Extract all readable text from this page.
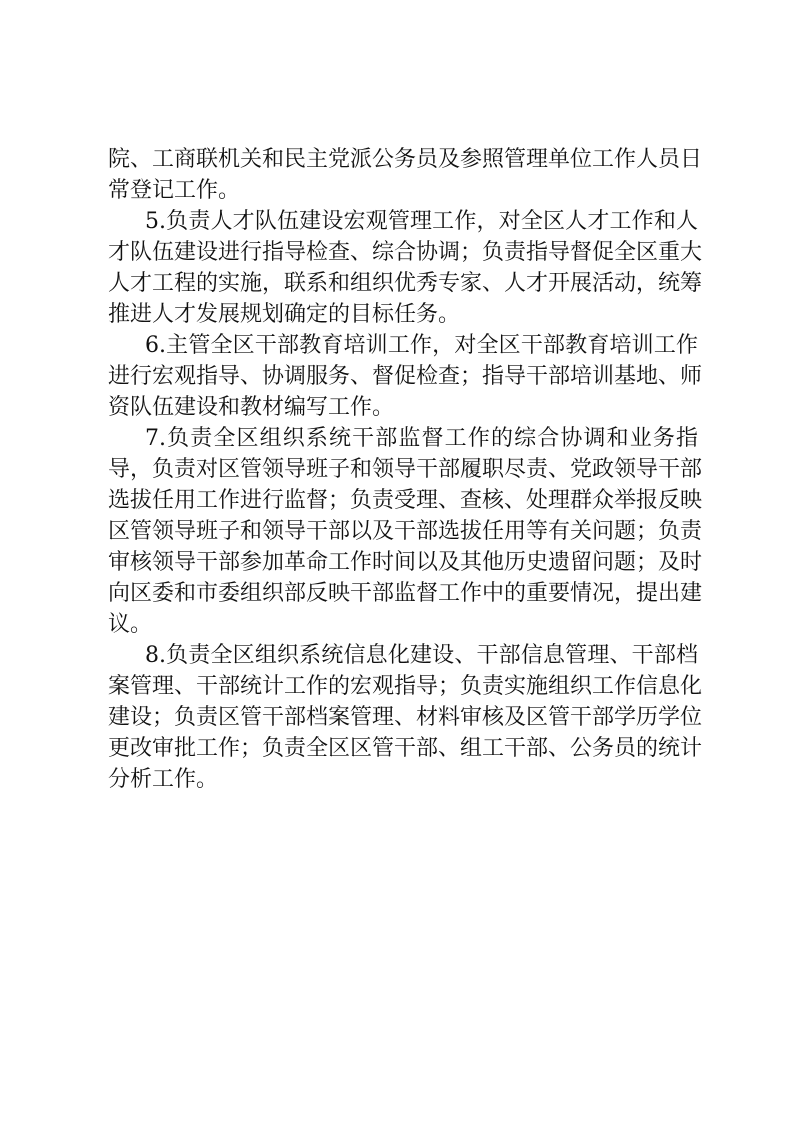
院、工商联机关和民主党派公务员及参照管理单位工作人员日
常登记工作。
5.负责人才队伍建设宏观管理工作，对全区人才工作和人
才队伍建设进行指导检查、综合协调；负责指导督促全区重大
人才工程的实施，联系和组织优秀专家、人才开展活动，统筹
推进人才发展规划确定的目标任务。
6.主管全区干部教育培训工作，对全区干部教育培训工作
进行宏观指导、协调服务、督促检查；指导干部培训基地、师
资队伍建设和教材编写工作。
7.负责全区组织系统干部监督工作的综合协调和业务指
导，负责对区管领导班子和领导干部履职尽责、党政领导干部
选拔任用工作进行监督；负责受理、查核、处理群众举报反映
区管领导班子和领导干部以及干部选拔任用等有关问题；负责
审核领导干部参加革命工作时间以及其他历史遗留问题；及时
向区委和市委组织部反映干部监督工作中的重要情况，提出建
议。
8.负责全区组织系统信息化建设、干部信息管理、干部档
案管理、干部统计工作的宏观指导；负责实施组织工作信息化
建设；负责区管干部档案管理、材料审核及区管干部学历学位
更改审批工作；负责全区区管干部、组工干部、公务员的统计
分析工作。
